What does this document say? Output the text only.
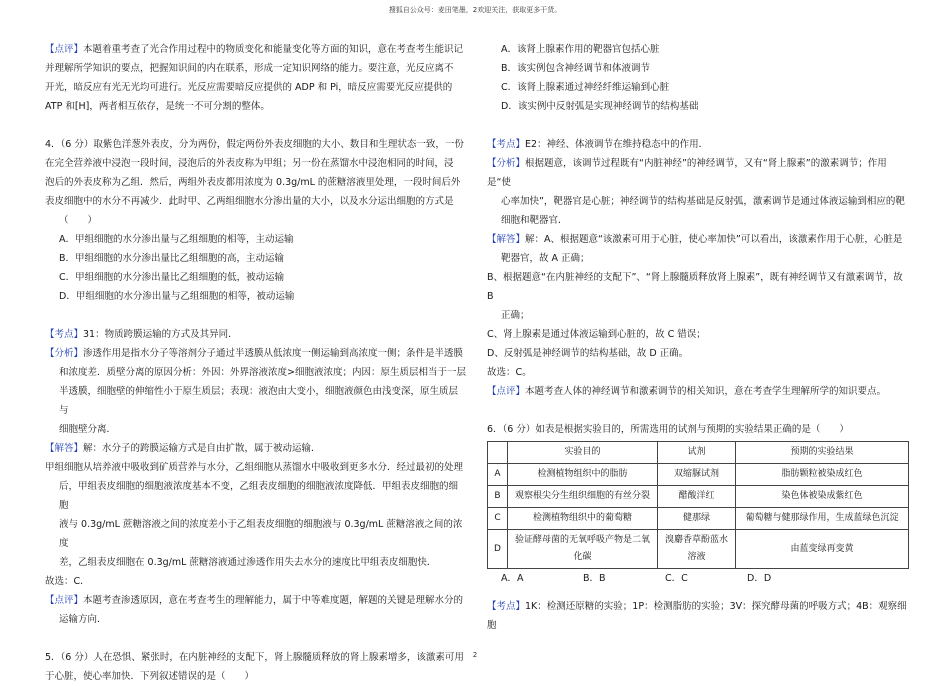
搜狐自公众号：麦田笔墨，2欢迎关注，获取更多干货。
【点评】本题着重考查了光合作用过程中的物质变化和能量变化等方面的知识，意在考查考生能识记
并理解所学知识的要点，把握知识间的内在联系，形成一定知识网络的能力。要注意，光反应离不
开光，暗反应有光无光均可进行。光反应需要暗反应提供的 ADP 和 Pi，暗反应需要光反应提供的
ATP 和[H]，两者相互依存，是统一不可分割的整体。
4．（6 分）取紫色洋葱外表皮，分为两份，假定两份外表皮细胞的大小、数目和生理状态一致，一份
在完全营养液中浸泡一段时间，浸泡后的外表皮称为甲组；另一份在蒸馏水中浸泡相同的时间，浸
泡后的外表皮称为乙组．然后，两组外表皮都用浓度为 0.3g/mL 的蔗糖溶液里处理，一段时间后外
表皮细胞中的水分不再减少．此时甲、乙两组细胞水分渗出量的大小，以及水分运出细胞的方式是
（　　）
A．甲组细胞的水分渗出量与乙组细胞的相等，主动运输
B．甲组细胞的水分渗出量比乙组细胞的高，主动运输
C．甲组细胞的水分渗出量比乙组细胞的低，被动运输
D．甲组细胞的水分渗出量与乙组细胞的相等，被动运输
【考点】31：物质跨膜运输的方式及其异同．
【分析】渗透作用是指水分子等溶剂分子通过半透膜从低浓度一侧运输到高浓度一侧；条件是半透膜
和浓度差．质壁分离的原因分析：外因：外界溶液浓度>细胞液浓度；内因：原生质层相当于一层
半透膜，细胞壁的伸缩性小于原生质层；表现：液泡由大变小，细胞液颜色由浅变深，原生质层与
细胞壁分离．
【解答】解：水分子的跨膜运输方式是自由扩散，属于被动运输．
甲组细胞从培养液中吸收到矿质营养与水分，乙组细胞从蒸馏水中吸收到更多水分．经过最初的处理
后，甲组表皮细胞的细胞液浓度基本不变，乙组表皮细胞的细胞液浓度降低．甲组表皮细胞的细胞
液与 0.3g/mL 蔗糖溶液之间的浓度差小于乙组表皮细胞的细胞液与 0.3g/mL 蔗糖溶液之间的浓度
差，乙组表皮细胞在 0.3g/mL 蔗糖溶液通过渗透作用失去水分的速度比甲组表皮细胞快．
故选：C．
【点评】本题考查渗透原因，意在考查考生的理解能力，属于中等难度题，解题的关键是理解水分的
运输方向．
5．（6 分）人在恐惧、紧张时，在内脏神经的支配下，肾上腺髓质释放的肾上腺素增多，该激素可用
于心脏，使心率加快．下列叙述错误的是（　　）
A．该肾上腺素作用的靶器官包括心脏
B．该实例包含神经调节和体液调节
C．该肾上腺素通过神经纤维运输到心脏
D．该实例中反射弧是实现神经调节的结构基础
【考点】E2：神经、体液调节在维持稳态中的作用．
【分析】根据题意，该调节过程既有“内脏神经”的神经调节，又有“肾上腺素”的激素调节；作用是“使
心率加快”，靶器官是心脏；神经调节的结构基础是反射弧，激素调节是通过体液运输到相应的靶
细胞和靶器官．
【解答】解：A、根据题意“该激素可用于心脏，使心率加快”可以看出，该激素作用于心脏，心脏是
靶器官，故 A 正确；
B、根据题意“在内脏神经的支配下”、“肾上腺髓质释放肾上腺素”，既有神经调节又有激素调节，故 B
正确；
C、肾上腺素是通过体液运输到心脏的，故 C 错误；
D、反射弧是神经调节的结构基础，故 D 正确。
故选：C。
【点评】本题考查人体的神经调节和激素调节的相关知识，意在考查学生理解所学的知识要点。
6．（6 分）如表是根据实验目的，所需选用的试剂与预期的实验结果正确的是（　　）
	实验目的	试剂	预期的实验结果
A	检测植物组织中的脂肪	双缩脲试剂	脂肪颗粒被染成红色
B	观察根尖分生组织细胞的有丝分裂	醋酸洋红	染色体被染成紫红色
C	检测植物组织中的葡萄糖	健那绿	葡萄糖与健那绿作用，生成蓝绿色沉淀
D	验证酵母菌的无氧呼吸产物是二氧化碳	溴麝香草酚蓝水溶液	由蓝变绿再变黄
A．A	B．B	C．C	D．D
【考点】1K：检测还原糖的实验；1P：检测脂肪的实验；3V：探究酵母菌的呼吸方式；4B：观察细胞
2
